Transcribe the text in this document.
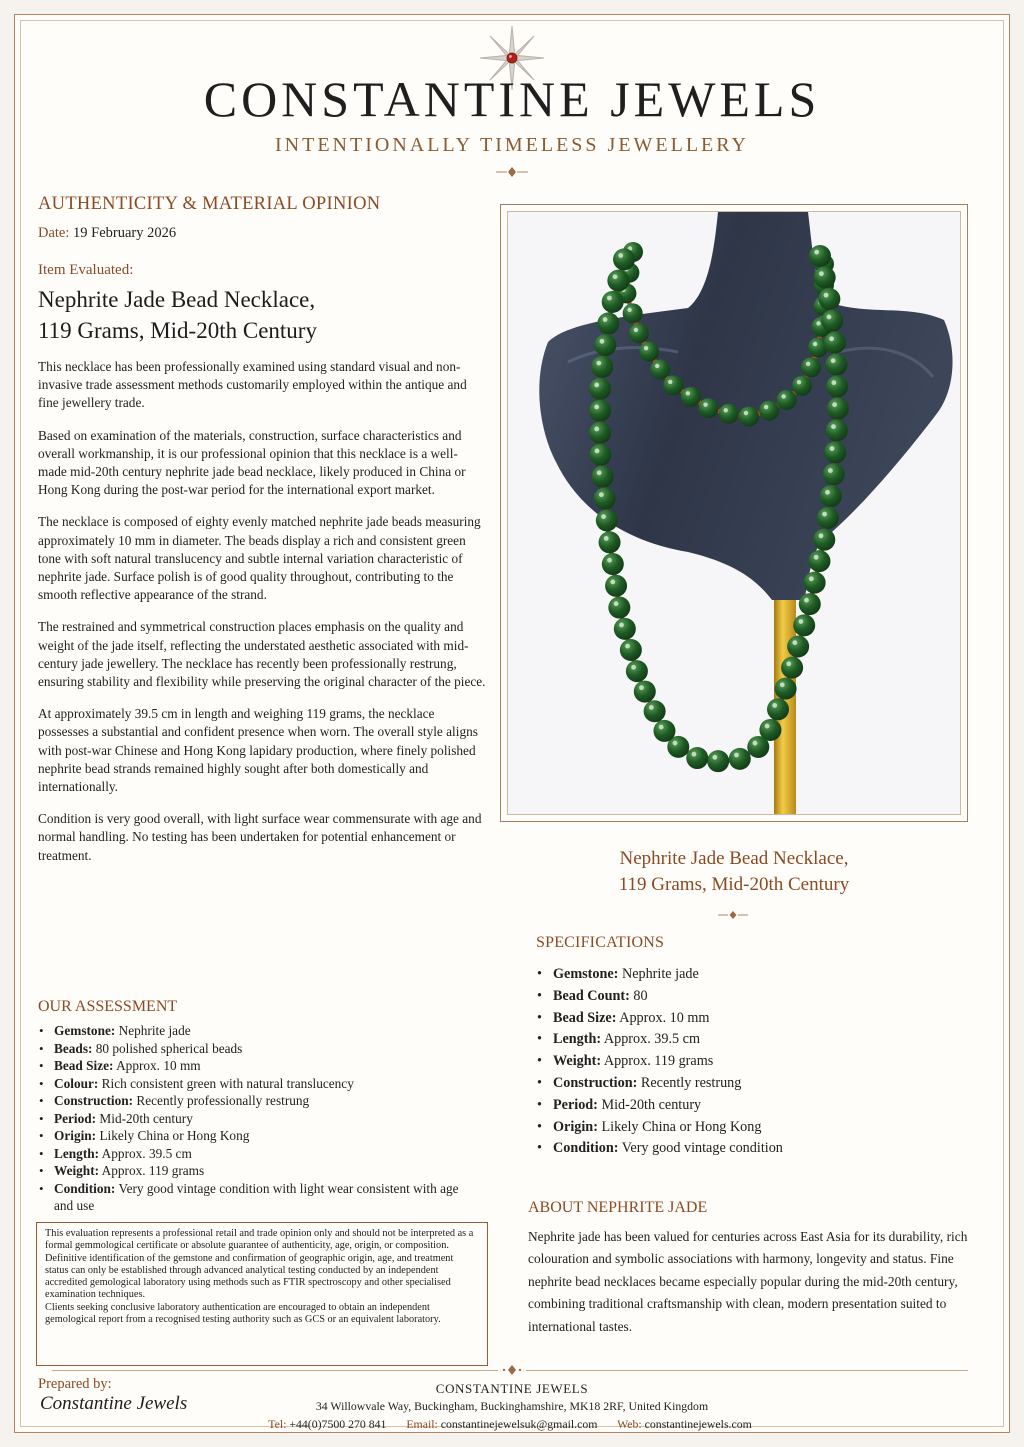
CONSTANTINE JEWELS
INTENTIONALLY TIMELESS JEWELLERY
AUTHENTICITY & MATERIAL OPINION
Date: 19 February 2026
Item Evaluated:
Nephrite Jade Bead Necklace,
119 Grams, Mid-20th Century

This necklace has been professionally examined using standard visual and non-invasive trade assessment methods customarily employed within the antique and fine jewellery trade.

Based on examination of the materials, construction, surface characteristics and overall workmanship, it is our professional opinion that this necklace is a well-made mid-20th century nephrite jade bead necklace, likely produced in China or Hong Kong during the post-war period for the international export market.

The necklace is composed of eighty evenly matched nephrite jade beads measuring approximately 10 mm in diameter. The beads display a rich and consistent green tone with soft natural translucency and subtle internal variation characteristic of nephrite jade. Surface polish is of good quality throughout, contributing to the smooth reflective appearance of the strand.

The restrained and symmetrical construction places emphasis on the quality and weight of the jade itself, reflecting the understated aesthetic associated with mid-century jade jewellery. The necklace has recently been professionally restrung, ensuring stability and flexibility while preserving the original character of the piece.

At approximately 39.5 cm in length and weighing 119 grams, the necklace possesses a substantial and confident presence when worn. The overall style aligns with post-war Chinese and Hong Kong lapidary production, where finely polished nephrite bead strands remained highly sought after both domestically and internationally.

Condition is very good overall, with light surface wear commensurate with age and normal handling. No testing has been undertaken for potential enhancement or treatment.

OUR ASSESSMENT
• Gemstone: Nephrite jade
• Beads: 80 polished spherical beads
• Bead Size: Approx. 10 mm
• Colour: Rich consistent green with natural translucency
• Construction: Recently professionally restrung
• Period: Mid-20th century
• Origin: Likely China or Hong Kong
• Length: Approx. 39.5 cm
• Weight: Approx. 119 grams
• Condition: Very good vintage condition with light wear consistent with age and use

This evaluation represents a professional retail and trade opinion only and should not be interpreted as a formal gemmological certificate or absolute guarantee of authenticity, age, origin, or composition.

Definitive identification of the gemstone and confirmation of geographic origin, age, and treatment status can only be established through advanced analytical testing conducted by an independent accredited gemological laboratory using methods such as FTIR spectroscopy and other specialised examination techniques.

Clients seeking conclusive laboratory authentication are encouraged to obtain an independent gemological report from a recognised testing authority such as GCS or an equivalent laboratory.

Nephrite Jade Bead Necklace,
119 Grams, Mid-20th Century
SPECIFICATIONS
• Gemstone: Nephrite jade
• Bead Count: 80
• Bead Size: Approx. 10 mm
• Length: Approx. 39.5 cm
• Weight: Approx. 119 grams
• Construction: Recently restrung
• Period: Mid-20th century
• Origin: Likely China or Hong Kong
• Condition: Very good vintage condition
ABOUT NEPHRITE JADE
Nephrite jade has been valued for centuries across East Asia for its durability, rich colouration and symbolic associations with harmony, longevity and status. Fine nephrite bead necklaces became especially popular during the mid-20th century, combining traditional craftsmanship with clean, modern presentation suited to international tastes.
Prepared by:
Constantine Jewels
CONSTANTINE JEWELS
34 Willowvale Way, Buckingham, Buckinghamshire, MK18 2RF, United Kingdom
Tel: +44(0)7500 270 841 Email: constantinejewelsuk@gmail.com Web: constantinejewels.com
